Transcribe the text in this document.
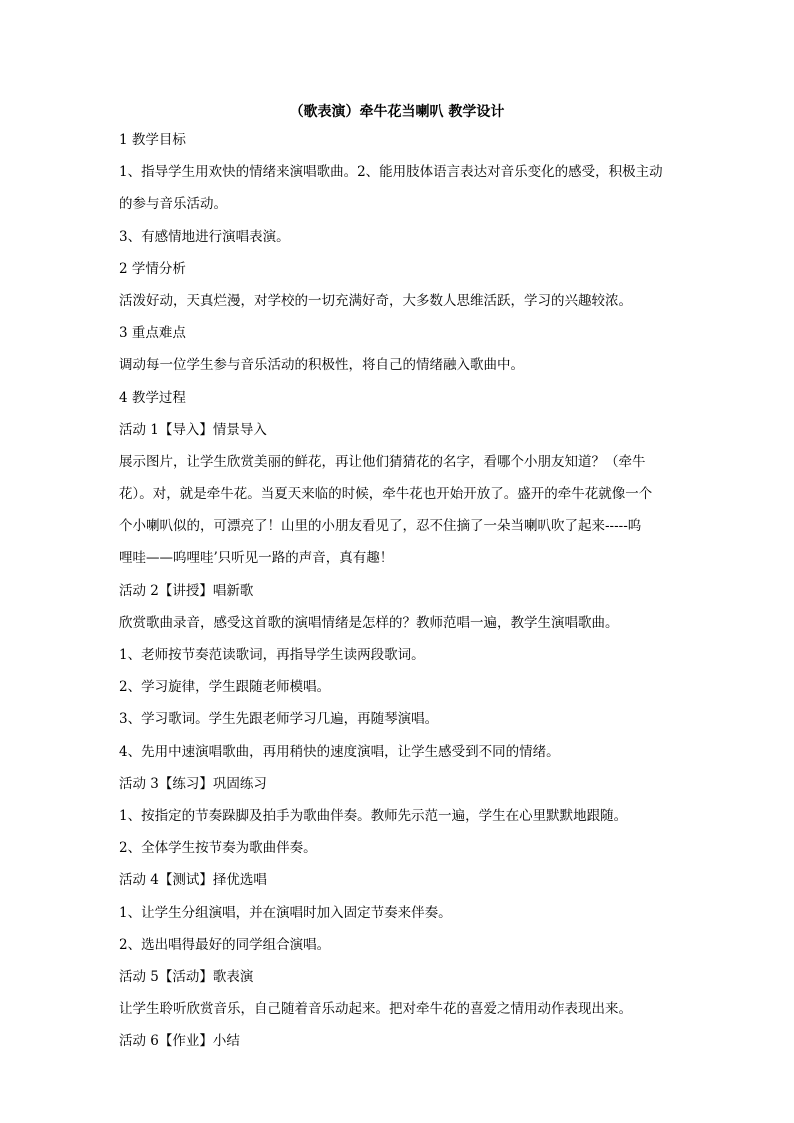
（歌表演）牵牛花当喇叭 教学设计
1 教学目标
1、指导学生用欢快的情绪来演唱歌曲。2、能用肢体语言表达对音乐变化的感受，积极主动
的参与音乐活动。
3、有感情地进行演唱表演。
2 学情分析
活泼好动，天真烂漫，对学校的一切充满好奇，大多数人思维活跃，学习的兴趣较浓。
3 重点难点
调动每一位学生参与音乐活动的积极性，将自己的情绪融入歌曲中。
4 教学过程
活动 1【导入】情景导入
展示图片，让学生欣赏美丽的鲜花，再让他们猜猜花的名字，看哪个小朋友知道？（牵牛
花）。对，就是牵牛花。当夏天来临的时候，牵牛花也开始开放了。盛开的牵牛花就像一个
个小喇叭似的，可漂亮了！山里的小朋友看见了，忍不住摘了一朵当喇叭吹了起来-----呜
哩哇——呜哩哇’只听见一路的声音，真有趣！
活动 2【讲授】唱新歌
欣赏歌曲录音，感受这首歌的演唱情绪是怎样的？教师范唱一遍，教学生演唱歌曲。
1、老师按节奏范读歌词，再指导学生读两段歌词。
2、学习旋律，学生跟随老师模唱。
3、学习歌词。学生先跟老师学习几遍，再随琴演唱。
4、先用中速演唱歌曲，再用稍快的速度演唱，让学生感受到不同的情绪。
活动 3【练习】巩固练习
1、按指定的节奏跺脚及拍手为歌曲伴奏。教师先示范一遍，学生在心里默默地跟随。
2、全体学生按节奏为歌曲伴奏。
活动 4【测试】择优选唱
1、让学生分组演唱，并在演唱时加入固定节奏来伴奏。
2、选出唱得最好的同学组合演唱。
活动 5【活动】歌表演
让学生聆听欣赏音乐，自己随着音乐动起来。把对牵牛花的喜爱之情用动作表现出来。
活动 6【作业】小结
